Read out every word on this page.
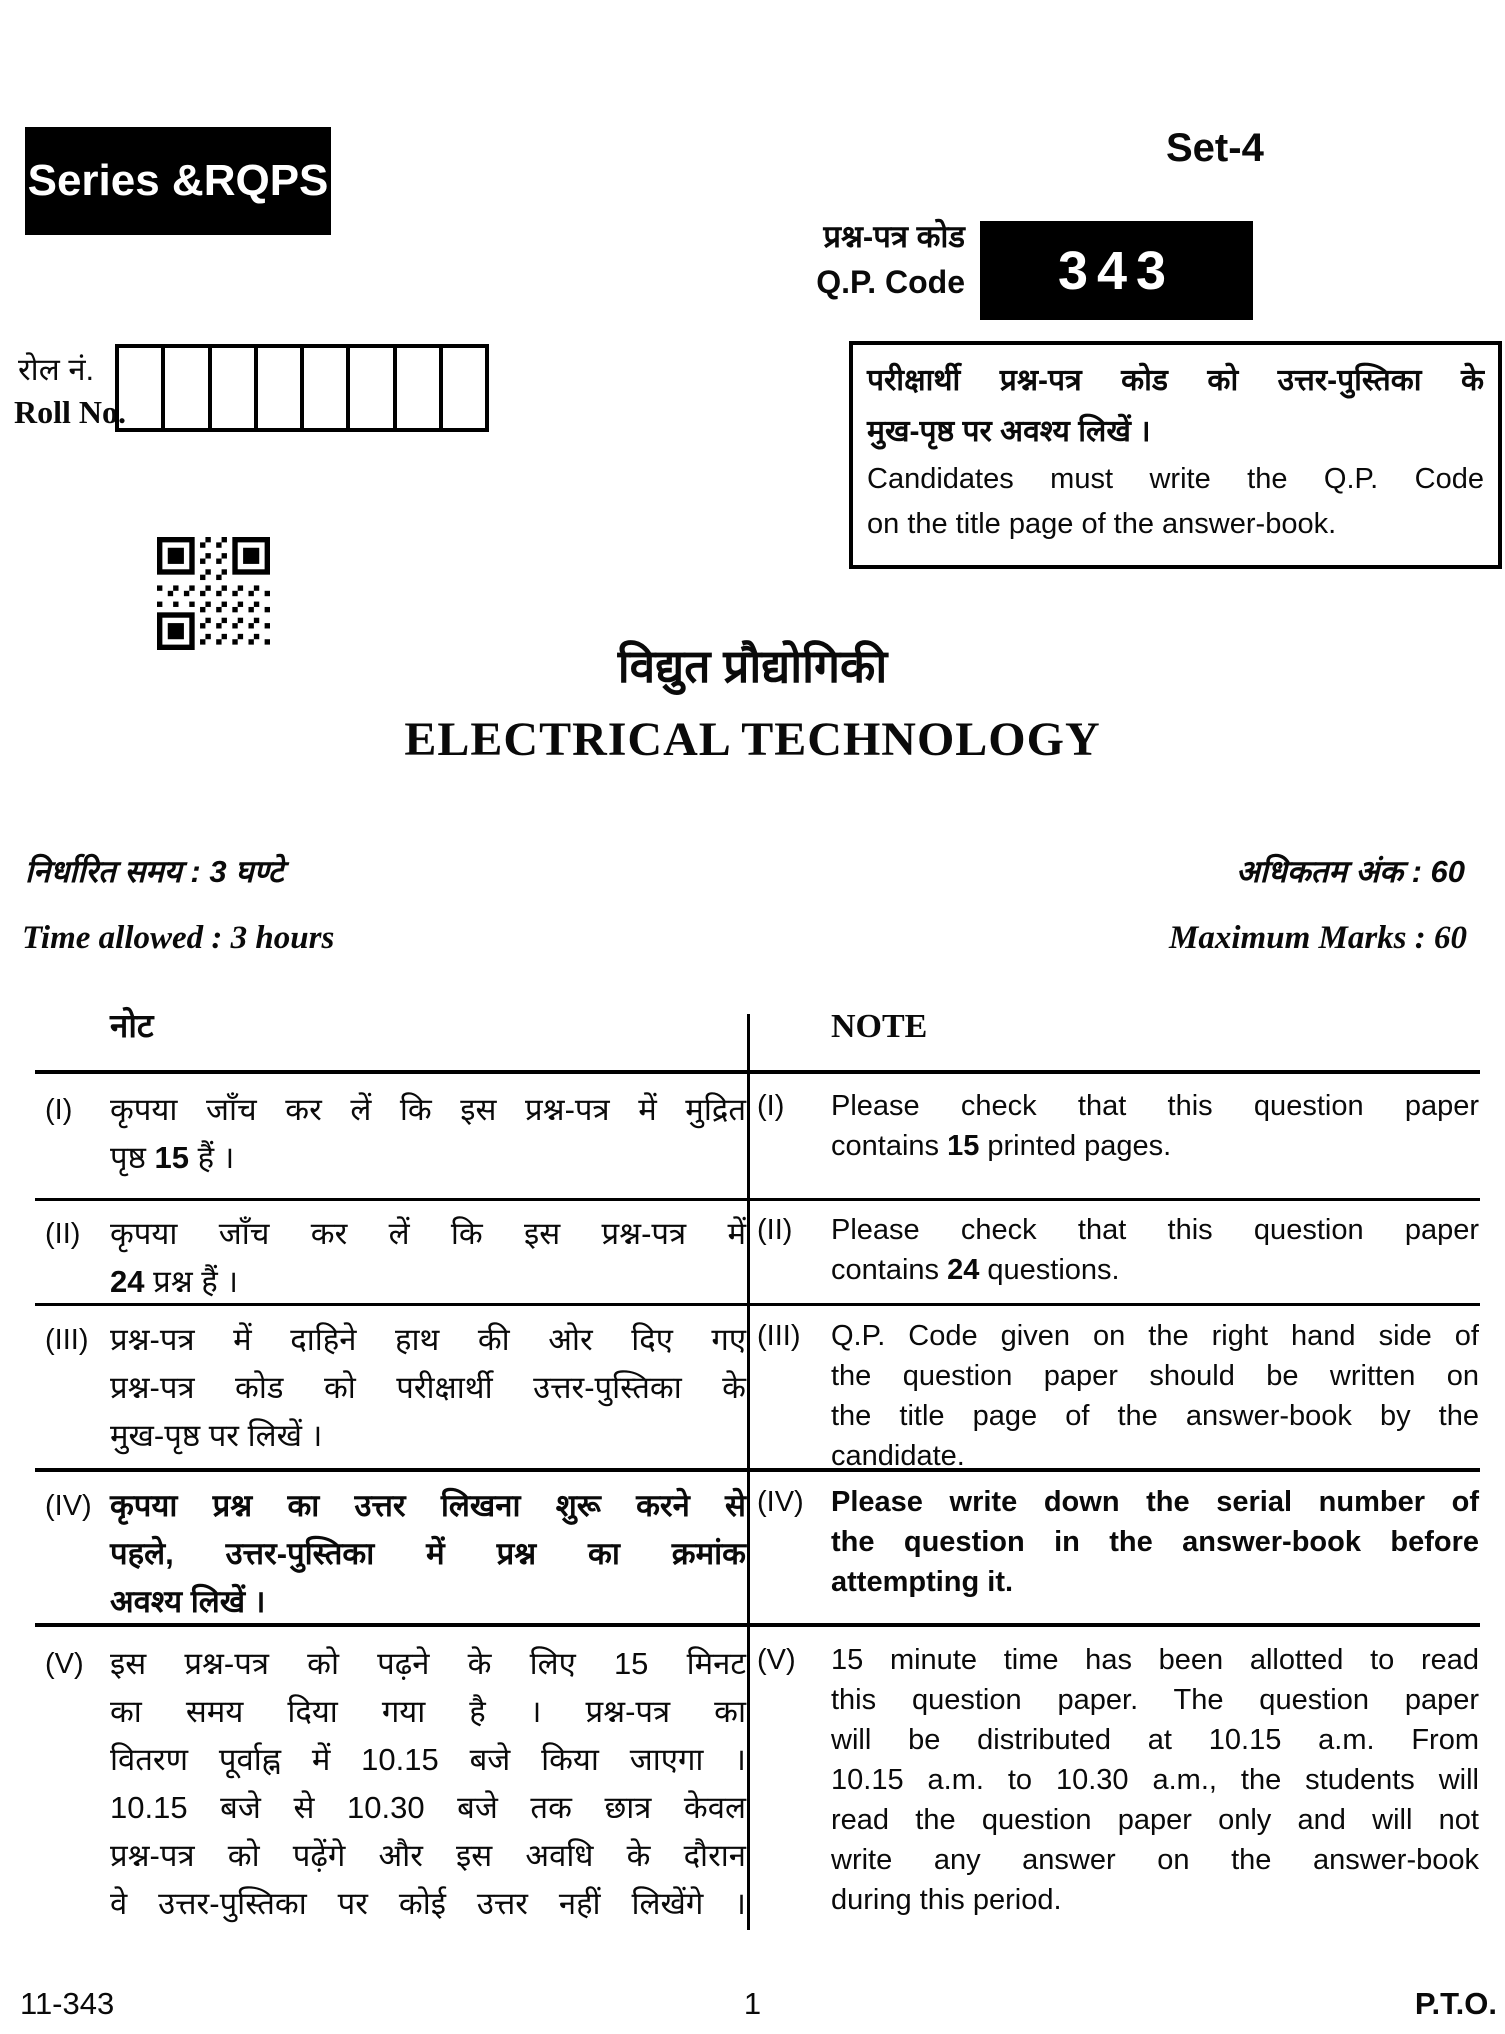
Series &RQPS
Set-4
प्रश्न-पत्र कोड
Q.P. Code 343
रोल नं.
Roll No.
परीक्षार्थी प्रश्न-पत्र कोड को उत्तर-पुस्तिका के
मुख-पृष्ठ पर अवश्य लिखें ।
Candidates must write the Q.P. Code
on the title page of the answer-book.
विद्युत प्रौद्योगिकी
ELECTRICAL TECHNOLOGY
निर्धारित समय : 3 घण्टे	अधिकतम अंक : 60
Time allowed : 3 hours	Maximum Marks : 60
नोट	NOTE
(I) कृपया जाँच कर लें कि इस प्रश्न-पत्र में मुद्रित
पृष्ठ 15 हैं ।
(I) Please check that this question paper
contains 15 printed pages.
(II) कृपया जाँच कर लें कि इस प्रश्न-पत्र में
24 प्रश्न हैं ।
(II) Please check that this question paper
contains 24 questions.
(III) प्रश्न-पत्र में दाहिने हाथ की ओर दिए गए
प्रश्न-पत्र कोड को परीक्षार्थी उत्तर-पुस्तिका के
मुख-पृष्ठ पर लिखें ।
(III) Q.P. Code given on the right hand side of
the question paper should be written on
the title page of the answer-book by the
candidate.
(IV) कृपया प्रश्न का उत्तर लिखना शुरू करने से
पहले, उत्तर-पुस्तिका में प्रश्न का क्रमांक
अवश्य लिखें ।
(IV) Please write down the serial number of
the question in the answer-book before
attempting it.
(V) इस प्रश्न-पत्र को पढ़ने के लिए 15 मिनट
का समय दिया गया है । प्रश्न-पत्र का
वितरण पूर्वाह्न में 10.15 बजे किया जाएगा ।
10.15 बजे से 10.30 बजे तक छात्र केवल
प्रश्न-पत्र को पढ़ेंगे और इस अवधि के दौरान
वे उत्तर-पुस्तिका पर कोई उत्तर नहीं लिखेंगे ।
(V) 15 minute time has been allotted to read
this question paper. The question paper
will be distributed at 10.15 a.m. From
10.15 a.m. to 10.30 a.m., the students will
read the question paper only and will not
write any answer on the answer-book
during this period.
11-343	1	P.T.O.
